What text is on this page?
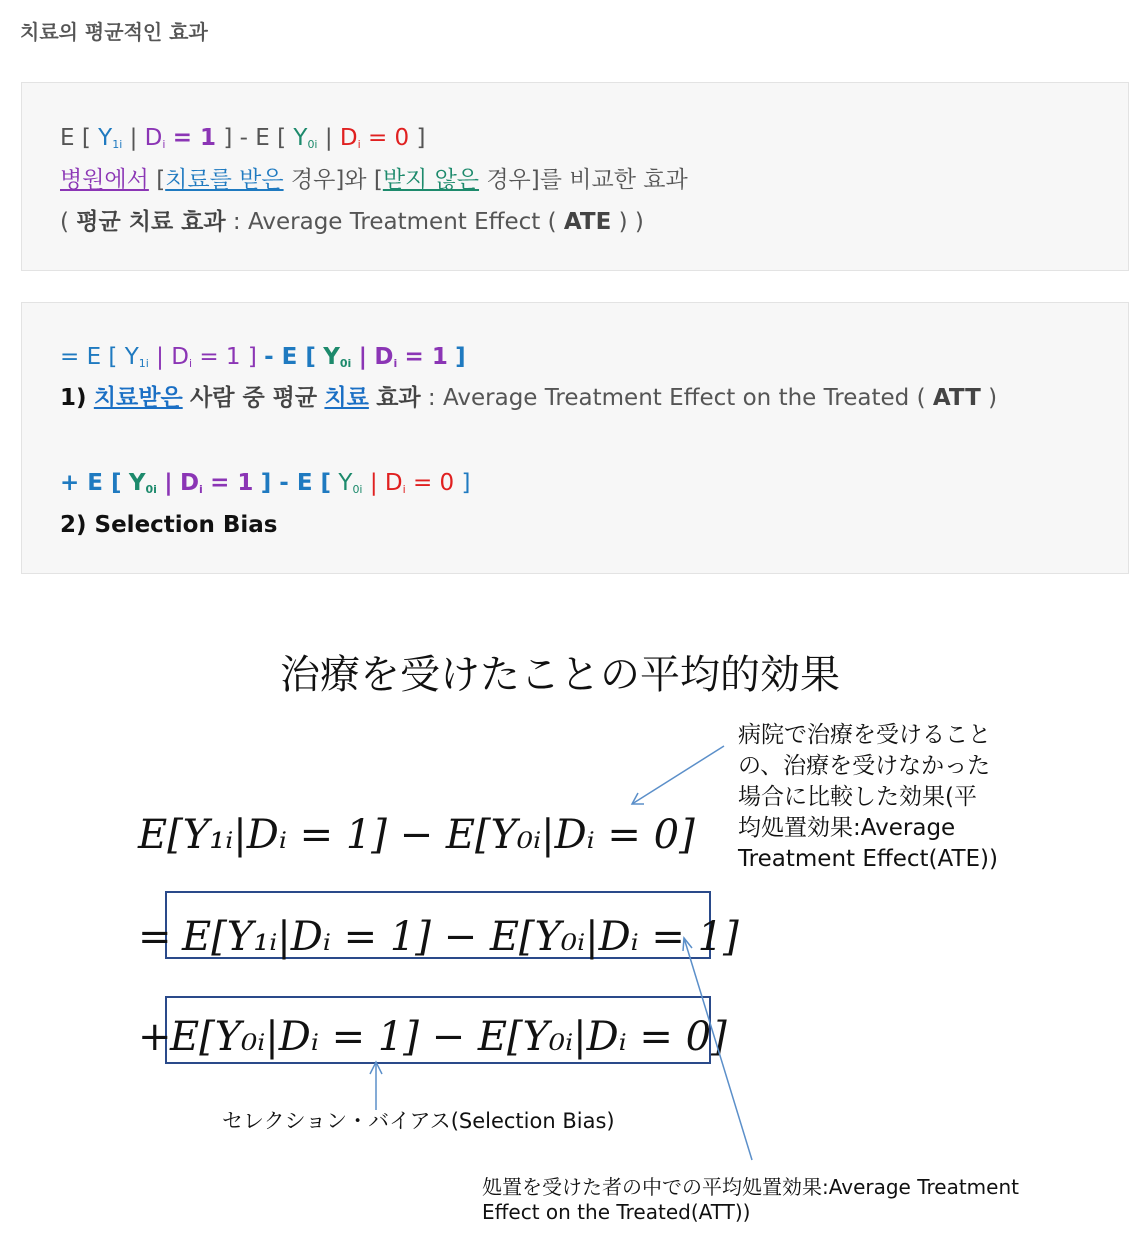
치료의 평균적인 효과
E [ $Y_{1i}$ | $D_i = 1$ ] - E [ $Y_{0i}$ | $D_i = 0$ ]
병원에서 [치료를 받은 경우]와 [받지 않은 경우]를 비교한 효과
( 평균 치료 효과 : Average Treatment Effect ( ATE ) )
= E [ $Y_{1i}$ | $D_i = 1$ ] - E [ $Y_{0i}$ | $D_i = 1$ ]
1) 치료받은 사람 중 평균 치료 효과 : Average Treatment Effect on the Treated ( ATT )
+ E [ $Y_{0i}$ | $D_i = 1$ ] - E [ $Y_{0i}$ | $D_i = 0$ ]
2) Selection Bias
治療を受けたことの平均的効果
病院で治療を受けること
の、治療を受けなかった
場合に比較した効果(平
均処置効果:Average
Treatment Effect(ATE))
E[Y₁ᵢ|Dᵢ = 1] − E[Y₀ᵢ|Dᵢ = 0]
= E[Y₁ᵢ|Dᵢ = 1] − E[Y₀ᵢ|Dᵢ = 1]
+
E[Y₀ᵢ|Dᵢ = 1] − E[Y₀ᵢ|Dᵢ = 0]
セレクション・バイアス(Selection Bias)
処置を受けた者の中での平均処置効果:Average Treatment
Effect on the Treated(ATT))
